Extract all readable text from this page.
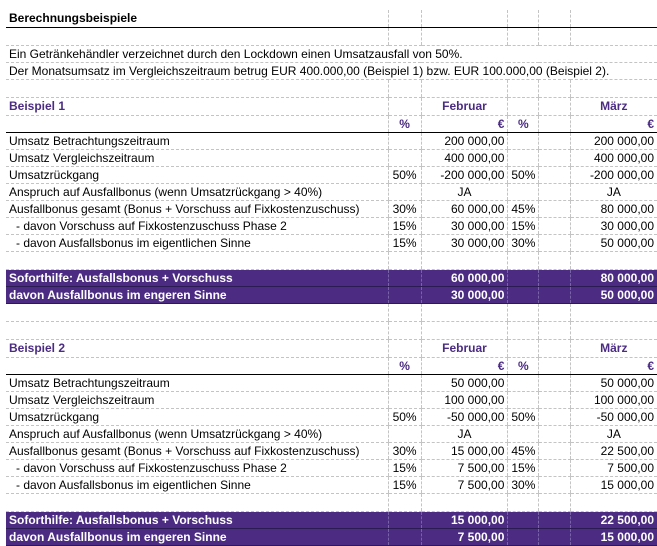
Berechnungsbeispiele					

Ein Getränkehändler verzeichnet durch den Lockdown einen Umsatzausfall von 50%.					
Der Monatsumsatz im Vergleichszeitraum betrug EUR 400.000,00 (Beispiel 1) bzw. EUR 100.000,00 (Beispiel 2).					

Beispiel 1		Februar			März
	%	€	%		€
Umsatz Betrachtungszeitraum		200 000,00			200 000,00
Umsatz Vergleichszeitraum		400 000,00			400 000,00
Umsatzrückgang	50%	-200 000,00	50%		-200 000,00
Anspruch auf Ausfallbonus (wenn Umsatzrückgang > 40%)		JA			JA
Ausfallbonus gesamt (Bonus + Vorschuss auf Fixkostenzuschuss)	30%	60 000,00	45%		80 000,00
- davon Vorschuss auf Fixkostenzuschuss Phase 2	15%	30 000,00	15%		30 000,00
- davon Ausfallsbonus im eigentlichen Sinne	15%	30 000,00	30%		50 000,00

Soforthilfe: Ausfallsbonus + Vorschuss		60 000,00			80 000,00
davon Ausfallbonus im engeren Sinne		30 000,00			50 000,00

Beispiel 2		Februar			März
	%	€	%		€
Umsatz Betrachtungszeitraum		50 000,00			50 000,00
Umsatz Vergleichszeitraum		100 000,00			100 000,00
Umsatzrückgang	50%	-50 000,00	50%		-50 000,00
Anspruch auf Ausfallbonus (wenn Umsatzrückgang > 40%)		JA			JA
Ausfallbonus gesamt (Bonus + Vorschuss auf Fixkostenzuschuss)	30%	15 000,00	45%		22 500,00
- davon Vorschuss auf Fixkostenzuschuss Phase 2	15%	7 500,00	15%		7 500,00
- davon Ausfallsbonus im eigentlichen Sinne	15%	7 500,00	30%		15 000,00

Soforthilfe: Ausfallsbonus + Vorschuss		15 000,00			22 500,00
davon Ausfallbonus im engeren Sinne		7 500,00			15 000,00
